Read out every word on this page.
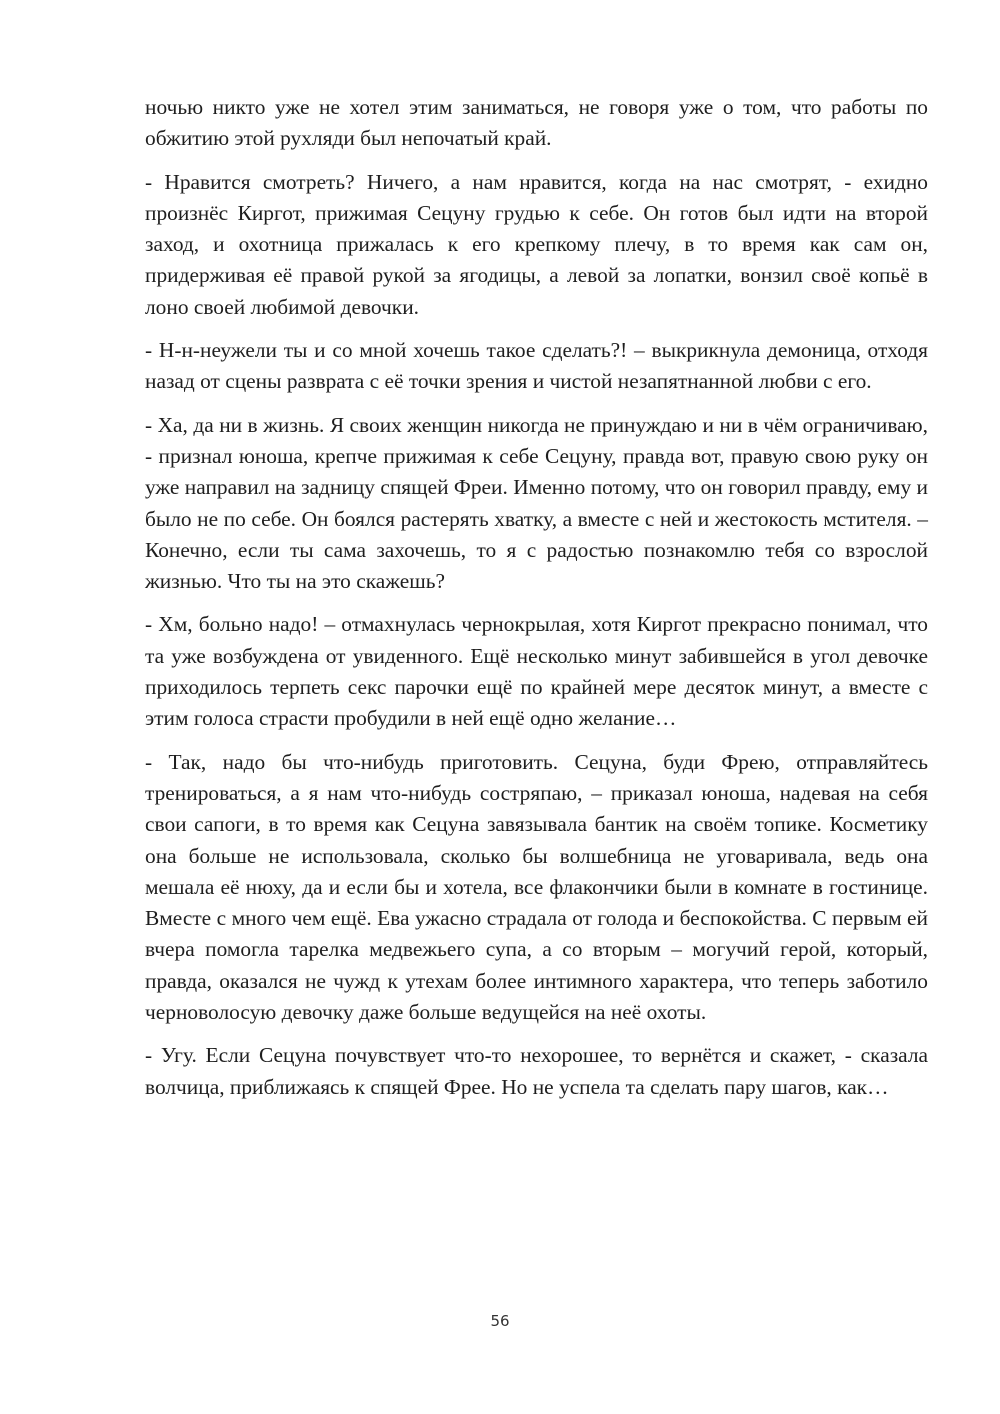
ночью никто уже не хотел этим заниматься, не говоря уже о том, что работы по обжитию этой рухляди был непочатый край.

- Нравится смотреть? Ничего, а нам нравится, когда на нас смотрят, - ехидно произнёс Киргот, прижимая Сецуну грудью к себе. Он готов был идти на второй заход, и охотница прижалась к его крепкому плечу, в то время как сам он, придерживая её правой рукой за ягодицы, а левой за лопатки, вонзил своё копьё в лоно своей любимой девочки.

- Н-н-неужели ты и со мной хочешь такое сделать?! – выкрикнула демоница, отходя назад от сцены разврата с её точки зрения и чистой незапятнанной любви с его.

- Ха, да ни в жизнь. Я своих женщин никогда не принуждаю и ни в чём ограничиваю, - признал юноша, крепче прижимая к себе Сецуну, правда вот, правую свою руку он уже направил на задницу спящей Фреи. Именно потому, что он говорил правду, ему и было не по себе. Он боялся растерять хватку, а вместе с ней и жестокость мстителя. – Конечно, если ты сама захочешь, то я с радостью познакомлю тебя со взрослой жизнью. Что ты на это скажешь?

- Хм, больно надо! – отмахнулась чернокрылая, хотя Киргот прекрасно понимал, что та уже возбуждена от увиденного. Ещё несколько минут забившейся в угол девочке приходилось терпеть секс парочки ещё по крайней мере десяток минут, а вместе с этим голоса страсти пробудили в ней ещё одно желание…

- Так, надо бы что-нибудь приготовить. Сецуна, буди Фрею, отправляйтесь тренироваться, а я нам что-нибудь состряпаю, – приказал юноша, надевая на себя свои сапоги, в то время как Сецуна завязывала бантик на своём топике. Косметику она больше не использовала, сколько бы волшебница не уговаривала, ведь она мешала её нюху, да и если бы и хотела, все флакончики были в комнате в гостинице. Вместе с много чем ещё. Ева ужасно страдала от голода и беспокойства. С первым ей вчера помогла тарелка медвежьего супа, а со вторым – могучий герой, который, правда, оказался не чужд к утехам более интимного характера, что теперь заботило черноволосую девочку даже больше ведущейся на неё охоты.

- Угу. Если Сецуна почувствует что-то нехорошее, то вернётся и скажет, - сказала волчица, приближаясь к спящей Фрее. Но не успела та сделать пару шагов, как…

56
